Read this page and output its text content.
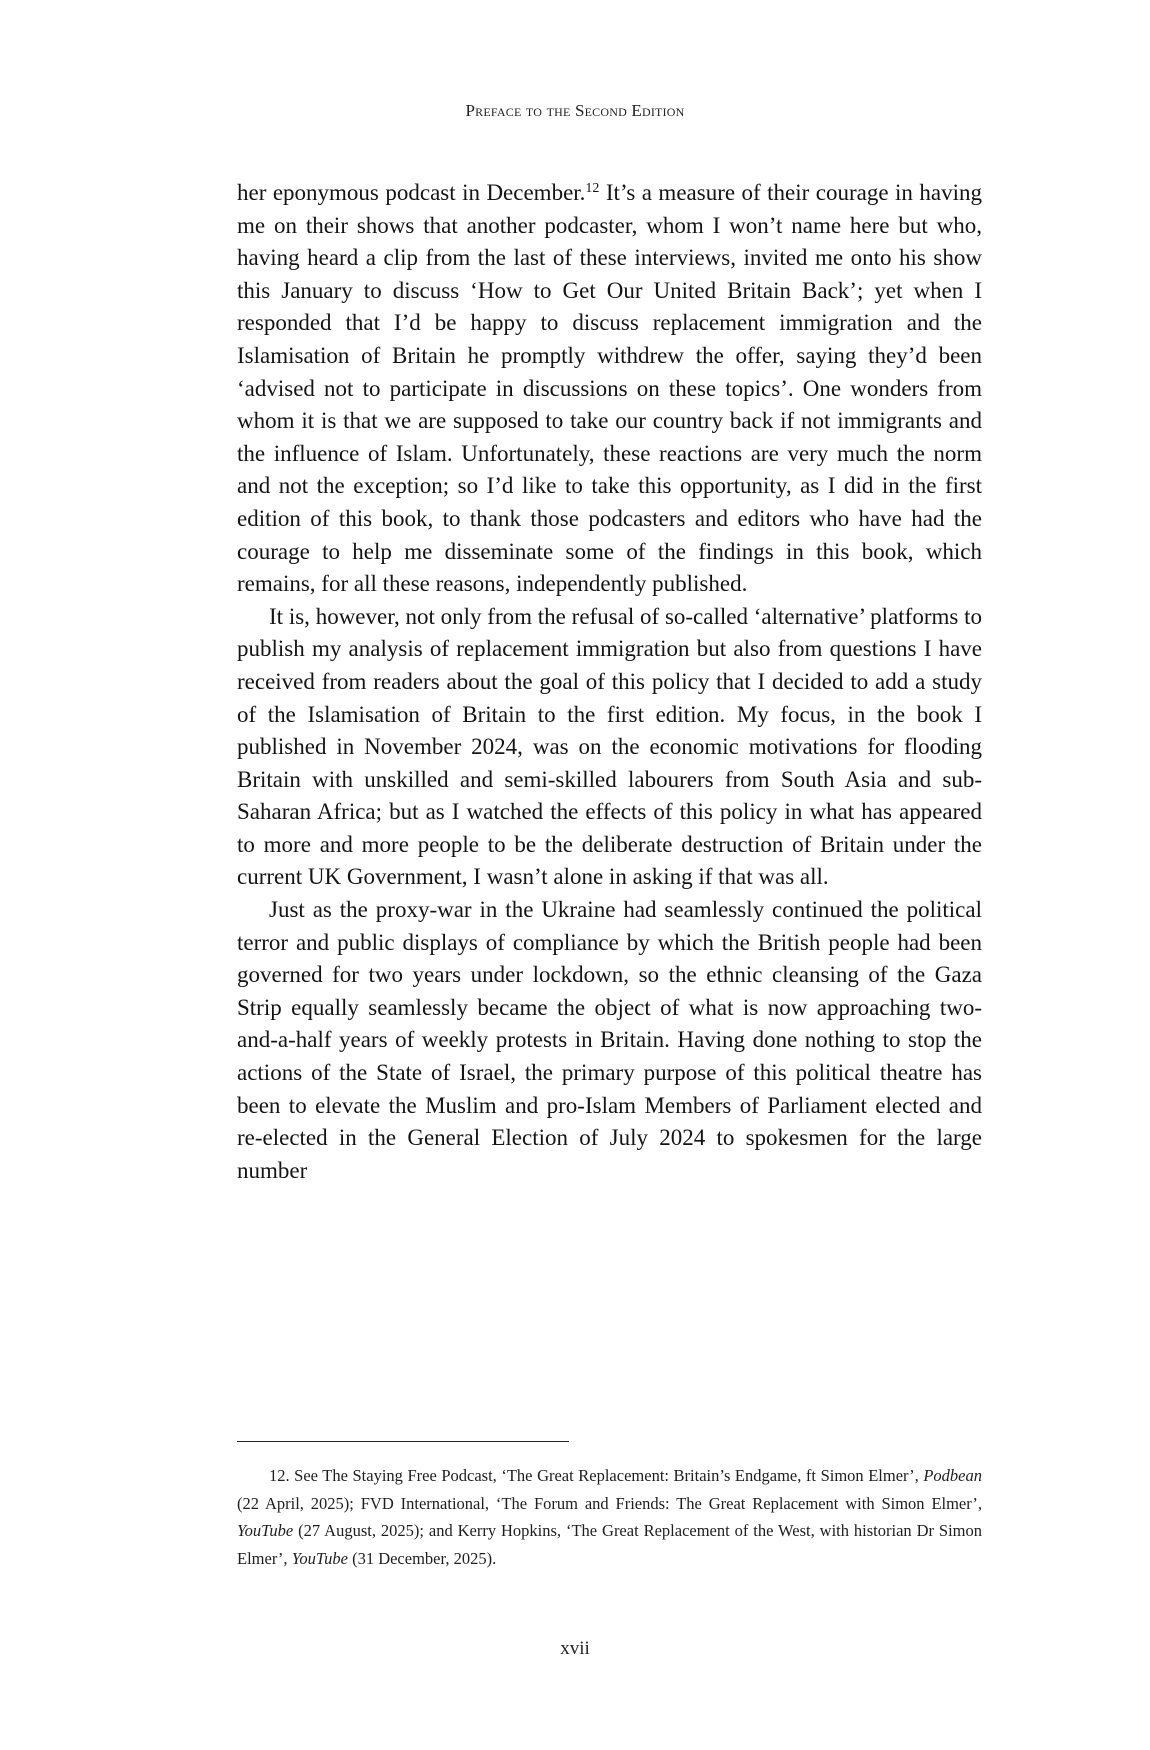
Preface to the Second Edition

her eponymous podcast in December.$^{12}$ It’s a measure of their courage in having me on their shows that another podcaster, whom I won’t name here but who, having heard a clip from the last of these interviews, invited me onto his show this January to discuss ‘How to Get Our United Britain Back’; yet when I responded that I’d be happy to discuss replacement immigration and the Islamisation of Britain he promptly withdrew the offer, saying they’d been ‘advised not to participate in discussions on these topics’. One wonders from whom it is that we are supposed to take our country back if not immigrants and the influence of Islam. Unfortunately, these reactions are very much the norm and not the exception; so I’d like to take this opportunity, as I did in the first edition of this book, to thank those podcasters and editors who have had the courage to help me disseminate some of the findings in this book, which remains, for all these reasons, independently published.

It is, however, not only from the refusal of so-called ‘alternative’ platforms to publish my analysis of replacement immigration but also from questions I have received from readers about the goal of this policy that I decided to add a study of the Islamisation of Britain to the first edition. My focus, in the book I published in November 2024, was on the economic motivations for flooding Britain with unskilled and semi-skilled labourers from South Asia and sub-Saharan Africa; but as I watched the effects of this policy in what has appeared to more and more people to be the deliberate destruction of Britain under the current UK Government, I wasn’t alone in asking if that was all.

Just as the proxy-war in the Ukraine had seamlessly continued the political terror and public displays of compliance by which the British people had been governed for two years under lockdown, so the ethnic cleansing of the Gaza Strip equally seamlessly became the object of what is now approaching two-and-a-half years of weekly protests in Britain. Having done nothing to stop the actions of the State of Israel, the primary purpose of this political theatre has been to elevate the Muslim and pro-Islam Members of Parliament elected and re-elected in the General Election of July 2024 to spokesmen for the large number

12. See The Staying Free Podcast, ‘The Great Replacement: Britain’s Endgame, ft Simon Elmer’, Podbean (22 April, 2025); FVD International, ‘The Forum and Friends: The Great Replacement with Simon Elmer’, YouTube (27 August, 2025); and Kerry Hopkins, ‘The Great Replacement of the West, with historian Dr Simon Elmer’, YouTube (31 December, 2025).

xvii
